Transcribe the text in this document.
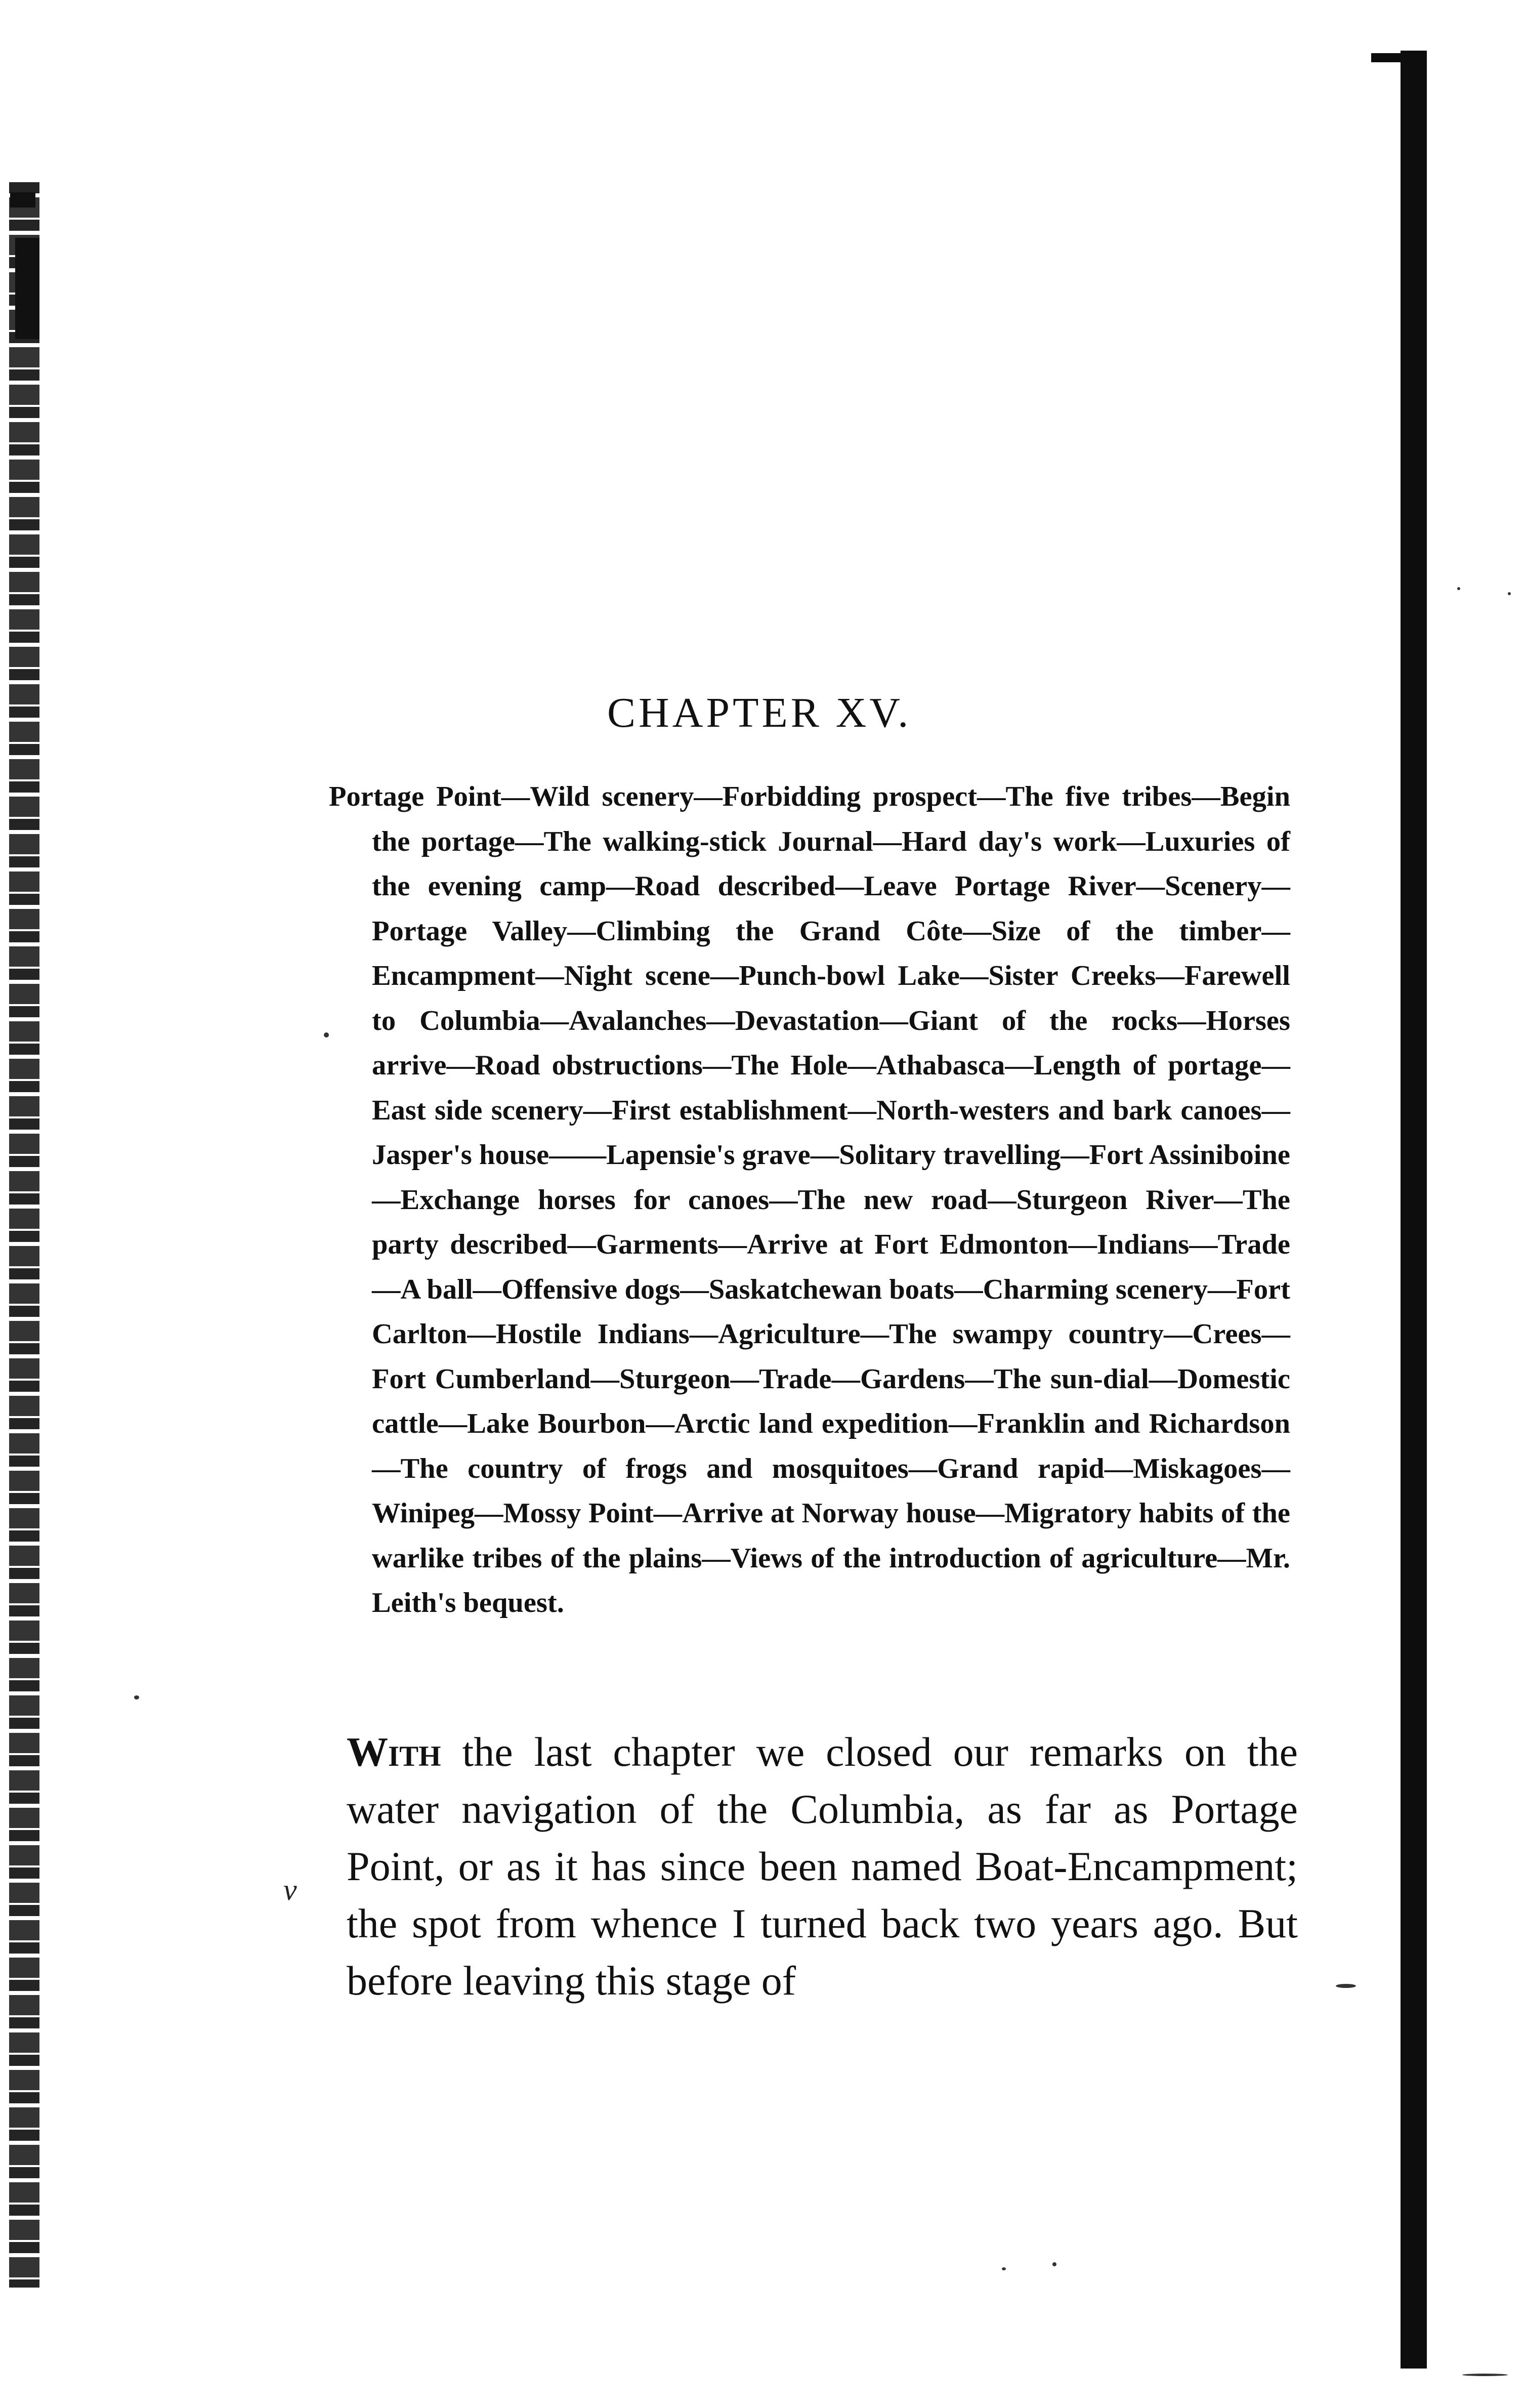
CHAPTER XV.
Portage Point—Wild scenery—Forbidding prospect—The five tribes—Begin the portage—The walking-stick Journal—Hard day's work—Luxuries of the evening camp—Road described—Leave Portage River—Scenery—Portage Valley—Climbing the Grand Côte—Size of the timber—Encampment—Night scene—Punch-bowl Lake—Sister Creeks—Farewell to Columbia—Avalanches—Devastation—Giant of the rocks—Horses arrive—Road obstructions—The Hole—Athabasca—Length of portage—East side scenery—First establishment—North-westers and bark canoes—Jasper's house——Lapensie's grave—Solitary travelling—Fort Assiniboine—Exchange horses for canoes—The new road—Sturgeon River—The party described—Garments—Arrive at Fort Edmonton—Indians—Trade—A ball—Offensive dogs—Saskatchewan boats—Charming scenery—Fort Carlton—Hostile Indians—Agriculture—The swampy country—Crees—Fort Cumberland—Sturgeon—Trade—Gardens—The sun-dial—Domestic cattle—Lake Bourbon—Arctic land expedition—Franklin and Richardson—The country of frogs and mosquitoes—Grand rapid—Miskagoes—Winipeg—Mossy Point—Arrive at Norway house—Migratory habits of the warlike tribes of the plains—Views of the introduction of agriculture—Mr. Leith's bequest.
With the last chapter we closed our remarks on the water navigation of the Columbia, as far as Portage Point, or as it has since been named Boat-Encampment; the spot from whence I turned back two years ago. But before leaving this stage of
v
